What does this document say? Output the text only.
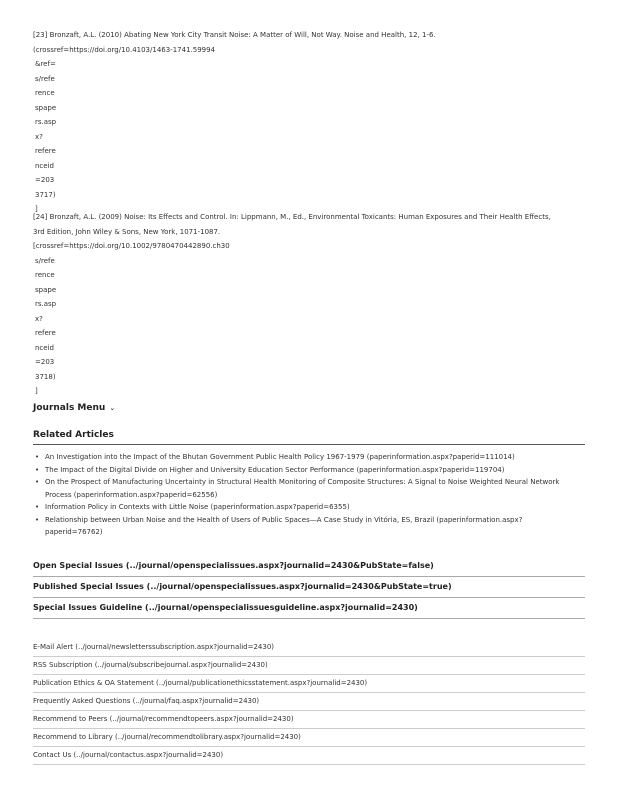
[23] Bronzaft, A.L. (2010) Abating New York City Transit Noise: A Matter of Will, Not Way. Noise and Health, 12, 1-6.
(crossref=https://doi.org/10.4103/1463-1741.59994
&ref=
s/refe
rence
spape
rs.asp
x?
refere
nceid
=203
3717)
]
[24] Bronzaft, A.L. (2009) Noise: Its Effects and Control. In: Lippmann, M., Ed., Environmental Toxicants: Human Exposures and Their Health Effects,
3rd Edition, John Wiley & Sons, New York, 1071-1087.
[crossref=https://doi.org/10.1002/9780470442890.ch30
s/refe
rence
spape
rs.asp
x?
refere
nceid
=203
3718)
]
Journals Menu ⌄
Related Articles
• An Investigation into the Impact of the Bhutan Government Public Health Policy 1967-1979 (paperinformation.aspx?paperid=111014)
• The Impact of the Digital Divide on Higher and University Education Sector Performance (paperinformation.aspx?paperid=119704)
• On the Prospect of Manufacturing Uncertainty in Structural Health Monitoring of Composite Structures: A Signal to Noise Weighted Neural Network Process (paperinformation.aspx?paperid=62556)
• Information Policy in Contexts with Little Noise (paperinformation.aspx?paperid=6355)
• Relationship between Urban Noise and the Health of Users of Public Spaces—A Case Study in Vitória, ES, Brazil (paperinformation.aspx?paperid=76762)
Open Special Issues (../journal/openspecialissues.aspx?journalid=2430&PubState=false)
Published Special Issues (../journal/openspecialissues.aspx?journalid=2430&PubState=true)
Special Issues Guideline (../journal/openspecialissuesguideline.aspx?journalid=2430)
E-Mail Alert (../journal/newsletterssubscription.aspx?journalid=2430)
RSS Subscription (../journal/subscribejournal.aspx?journalid=2430)
Publication Ethics & OA Statement (../journal/publicationethicsstatement.aspx?journalid=2430)
Frequently Asked Questions (../journal/faq.aspx?journalid=2430)
Recommend to Peers (../journal/recommendtopeers.aspx?journalid=2430)
Recommend to Library (../journal/recommendtolibrary.aspx?journalid=2430)
Contact Us (../journal/contactus.aspx?journalid=2430)
